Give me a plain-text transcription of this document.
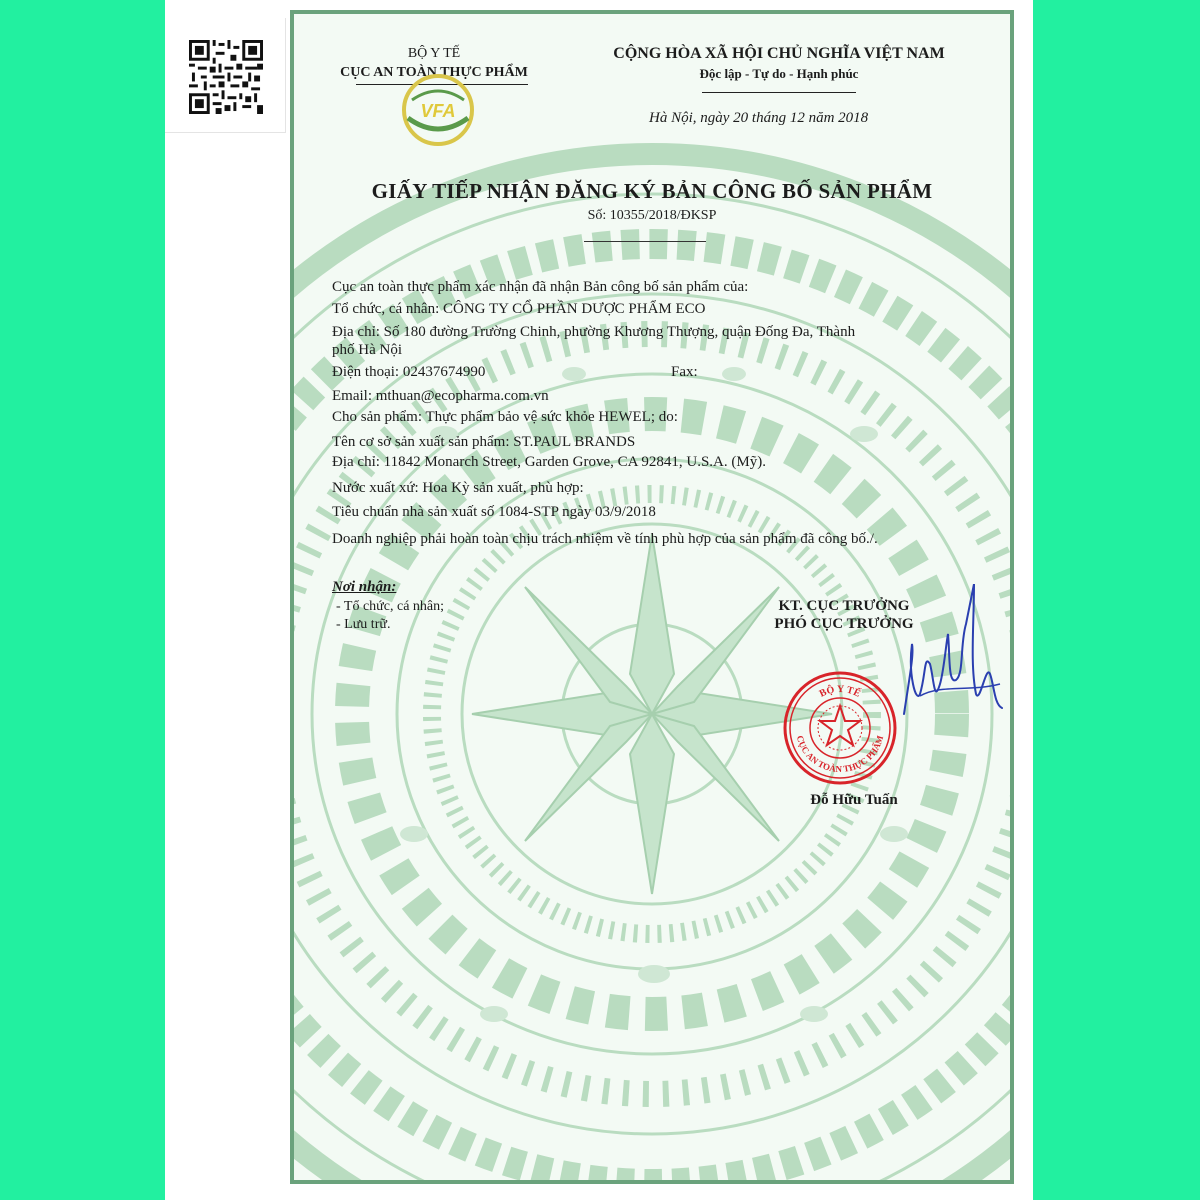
BỘ Y TẾ
CỤC AN TOÀN THỰC PHẨM
VFA
CỘNG HÒA XÃ HỘI CHỦ NGHĨA VIỆT NAM
Độc lập - Tự do - Hạnh phúc
Hà Nội, ngày 20 tháng 12 năm 2018
GIẤY TIẾP NHẬN ĐĂNG KÝ BẢN CÔNG BỐ SẢN PHẨM
Số: 10355/2018/ĐKSP
Cục an toàn thực phẩm xác nhận đã nhận Bản công bố sản phẩm của:
Tổ chức, cá nhân: CÔNG TY CỔ PHẦN DƯỢC PHẨM ECO
Địa chỉ: Số 180 đường Trường Chinh, phường Khương Thượng, quận Đống Đa, Thành
phố Hà Nội
Điện thoại: 02437674990	Fax:
Email: mthuan@ecopharma.com.vn
Cho sản phẩm: Thực phẩm bảo vệ sức khỏe HEWEL; do:
Tên cơ sở sản xuất sản phẩm: ST.PAUL BRANDS
Địa chỉ: 11842 Monarch Street, Garden Grove, CA 92841, U.S.A. (Mỹ).
Nước xuất xứ: Hoa Kỳ sản xuất, phù hợp:
Tiêu chuẩn nhà sản xuất số 1084-STP ngày 03/9/2018
Doanh nghiệp phải hoàn toàn chịu trách nhiệm về tính phù hợp của sản phẩm đã công bố./.
Nơi nhận:
- Tổ chức, cá nhân;
- Lưu trữ.
KT. CỤC TRƯỞNG
PHÓ CỤC TRƯỞNG
BỘ Y TẾ
CỤC AN TOÀN THỰC PHẨM
Đỗ Hữu Tuấn
